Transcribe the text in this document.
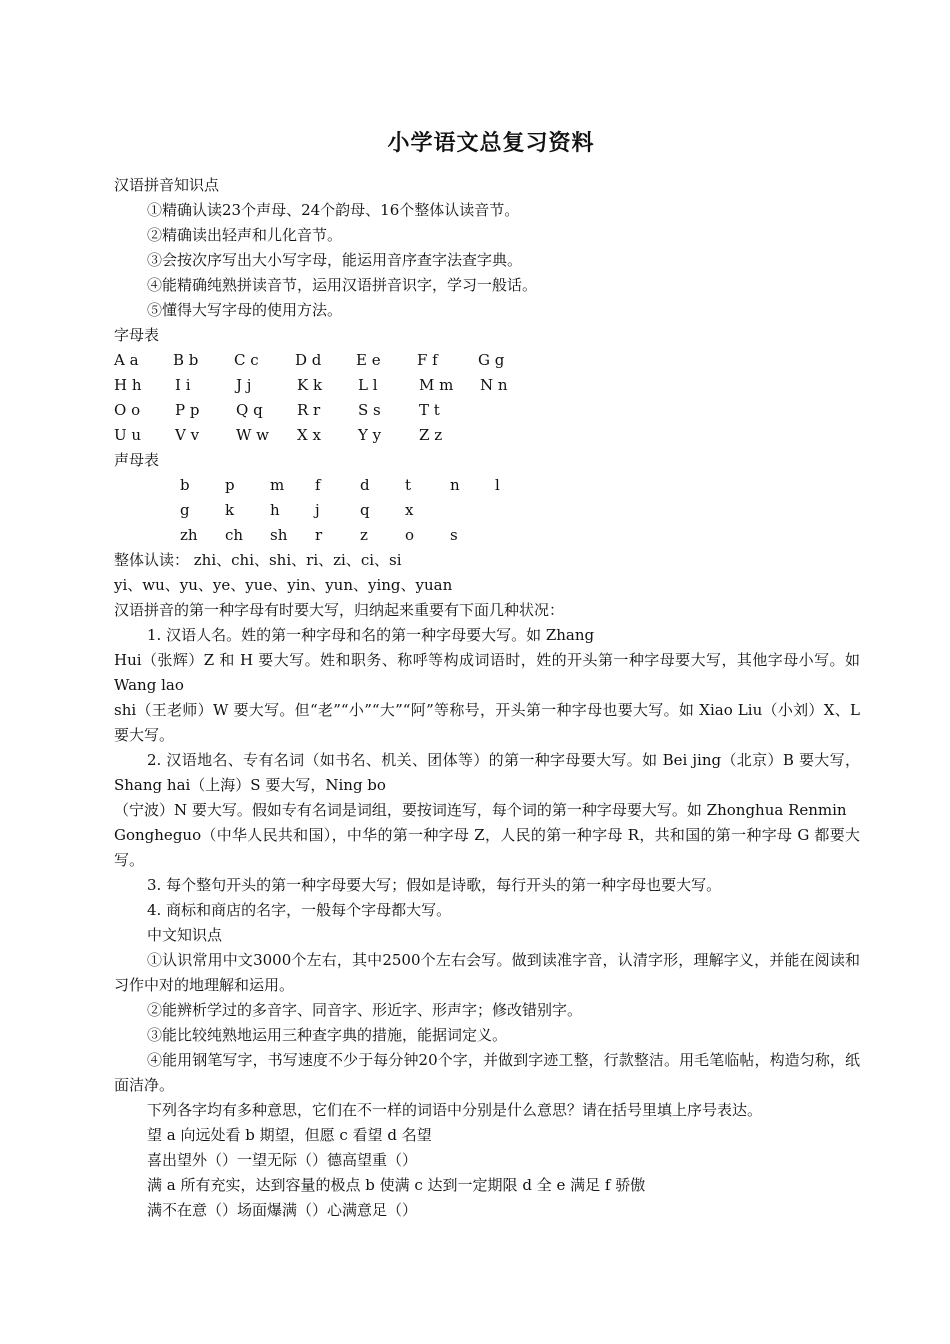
小学语文总复习资料

汉语拼音知识点

①精确认读23个声母、24个韵母、16个整体认读音节。

②精确读出轻声和儿化音节。

③会按次序写出大小写字母，能运用音序查字法查字典。

④能精确纯熟拼读音节，运用汉语拼音识字，学习一般话。

⑤懂得大写字母的使用方法。

字母表

A a	B b	C c	D d	E e	F f	G g
H h	I i	J j	K k	L l	M m	N n
O o	P p	Q q	R r	S s	T t
U u	V v	W w	X x	Y y	Z z

声母表

b	p	m	f	d	t	n	l
g	k	h	j	q	x
zh	ch	sh	r	z	o	s

整体认读： zhi、chi、shi、ri、zi、ci、si

yi、wu、yu、ye、yue、yin、yun、ying、yuan

汉语拼音的第一种字母有时要大写，归纳起来重要有下面几种状况：

1. 汉语人名。姓的第一种字母和名的第一种字母要大写。如 Zhang

Hui（张辉）Z 和 H 要大写。姓和职务、称呼等构成词语时，姓的开头第一种字母要大写，其他字母小写。如 Wang lao

shi（王老师）W 要大写。但“老”“小”“大”“阿”等称号，开头第一种字母也要大写。如 Xiao Liu（小刘）X、L 要大写。

2. 汉语地名、专有名词（如书名、机关、团体等）的第一种字母要大写。如 Bei jing（北京）B 要大写，Shang hai（上海）S 要大写，Ning bo

（宁波）N 要大写。假如专有名词是词组，要按词连写，每个词的第一种字母要大写。如 Zhonghua Renmin

Gongheguo（中华人民共和国），中华的第一种字母 Z，人民的第一种字母 R，共和国的第一种字母 G 都要大写。

3. 每个整句开头的第一种字母要大写；假如是诗歌，每行开头的第一种字母也要大写。

4. 商标和商店的名字，一般每个字母都大写。

中文知识点

①认识常用中文3000个左右，其中2500个左右会写。做到读准字音，认清字形，理解字义，并能在阅读和习作中对的地理解和运用。

②能辨析学过的多音字、同音字、形近字、形声字；修改错别字。

③能比较纯熟地运用三种查字典的措施，能据词定义。

④能用钢笔写字，书写速度不少于每分钟20个字，并做到字迹工整，行款整洁。用毛笔临帖，构造匀称，纸面洁净。

下列各字均有多种意思，它们在不一样的词语中分别是什么意思？请在括号里填上序号表达。

望 a 向远处看 b 期望，但愿 c 看望 d 名望

喜出望外（）一望无际（）德高望重（）

满 a 所有充实，达到容量的极点 b 使满 c 达到一定期限 d 全 e 满足 f 骄傲

满不在意（）场面爆满（）心满意足（）
